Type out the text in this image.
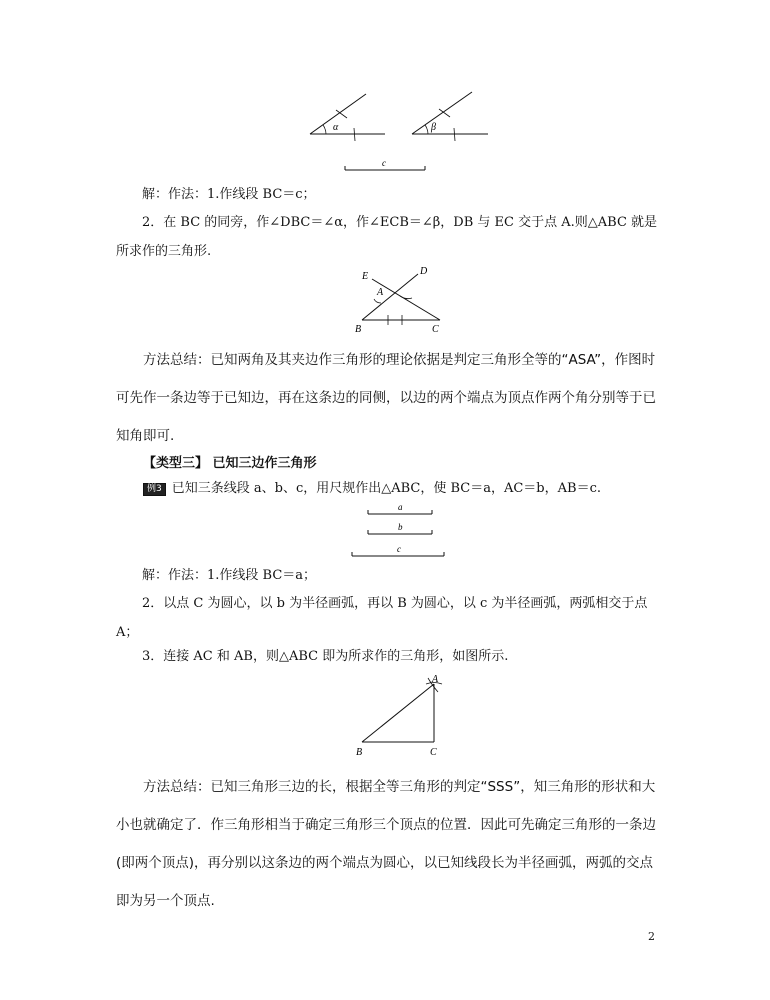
α	β
c

解：作法：1.作线段 BC＝c；

2．在 BC 的同旁，作∠DBC＝∠α，作∠ECB＝∠β，DB 与 EC 交于点 A.则△ABC 就是所求作的三角形.

E	D
A
B	C

方法总结：已知两角及其夹边作三角形的理论依据是判定三角形全等的“ASA”，作图时可先作一条边等于已知边，再在这条边的同侧，以边的两个端点为顶点作两个角分别等于已知角即可.

【类型三】 已知三边作三角形
例3 已知三条线段 a、b、c，用尺规作出△ABC，使 BC＝a，AC＝b，AB＝c.
a
b
c

解：作法：1.作线段 BC＝a；

2．以点 C 为圆心，以 b 为半径画弧，再以 B 为圆心，以 c 为半径画弧，两弧相交于点 A；

3．连接 AC 和 AB，则△ABC 即为所求作的三角形，如图所示.

A
B	C

方法总结：已知三角形三边的长，根据全等三角形的判定“SSS”，知三角形的形状和大小也就确定了．作三角形相当于确定三角形三个顶点的位置．因此可先确定三角形的一条边(即两个顶点)，再分别以这条边的两个端点为圆心，以已知线段长为半径画弧，两弧的交点即为另一个顶点.

2
